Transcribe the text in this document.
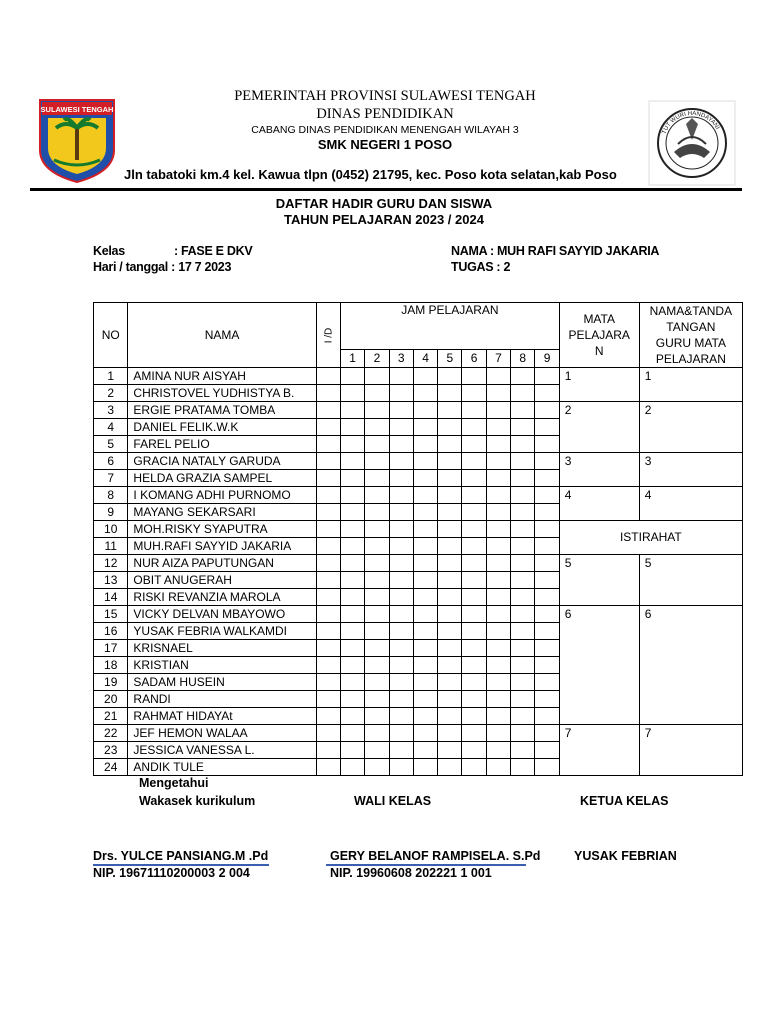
SULAWESI TENGAH
TUT WURI HANDAYANI
PEMERINTAH PROVINSI SULAWESI TENGAH
DINAS PENDIDIKAN
CABANG DINAS PENDIDIKAN MENENGAH WILAYAH 3
SMK NEGERI 1 POSO
Jln tabatoki km.4 kel. Kawua tlpn (0452) 21795, kec. Poso kota selatan,kab Poso
DAFTAR HADIR GURU DAN SISWA
TAHUN PELAJARAN 2023 / 2024
Kelas	: FASE E DKV
Hari / tanggal : 17 7 2023
NAMA : MUH RAFI SAYYID JAKARIA
TUGAS : 2
NO	NAMA	I /D	JAM PELAJARAN									MATA
PELAJARA
N	NAMA&TANDA
TANGAN
GURU MATA
PELAJARAN
			1	2	3	4	5	6	7	8	9		
1	AMINA NUR AISYAH											1	1
2	CHRISTOVEL YUDHISTYA B.												
3	ERGIE PRATAMA TOMBA											2	2
4	DANIEL FELIK.W.K												
5	FAREL PELIO												
6	GRACIA NATALY GARUDA											3	3
7	HELDA GRAZIA SAMPEL												
8	I KOMANG ADHI PURNOMO											4	4
9	MAYANG SEKARSARI												
10	MOH.RISKY SYAPUTRA											ISTIRAHAT	
11	MUH.RAFI SAYYID JAKARIA												
12	NUR AIZA PAPUTUNGAN											5	5
13	OBIT ANUGERAH												
14	RISKI REVANZIA MAROLA												
15	VICKY DELVAN MBAYOWO											6	6
16	YUSAK FEBRIA WALKAMDI												
17	KRISNAEL												
18	KRISTIAN												
19	SADAM HUSEIN												
20	RANDI												
21	RAHMAT HIDAYAt												
22	JEF HEMON WALAA											7	7
23	JESSICA VANESSA L.												
24	ANDIK TULE												
Mengetahui
Wakasek kurikulum	WALI KELAS	KETUA KELAS
Drs. YULCE PANSIANG.M .Pd	GERY BELANOF RAMPISELA. S.Pd	YUSAK FEBRIAN
NIP. 19671110200003 2 004	NIP. 19960608 202221 1 001
